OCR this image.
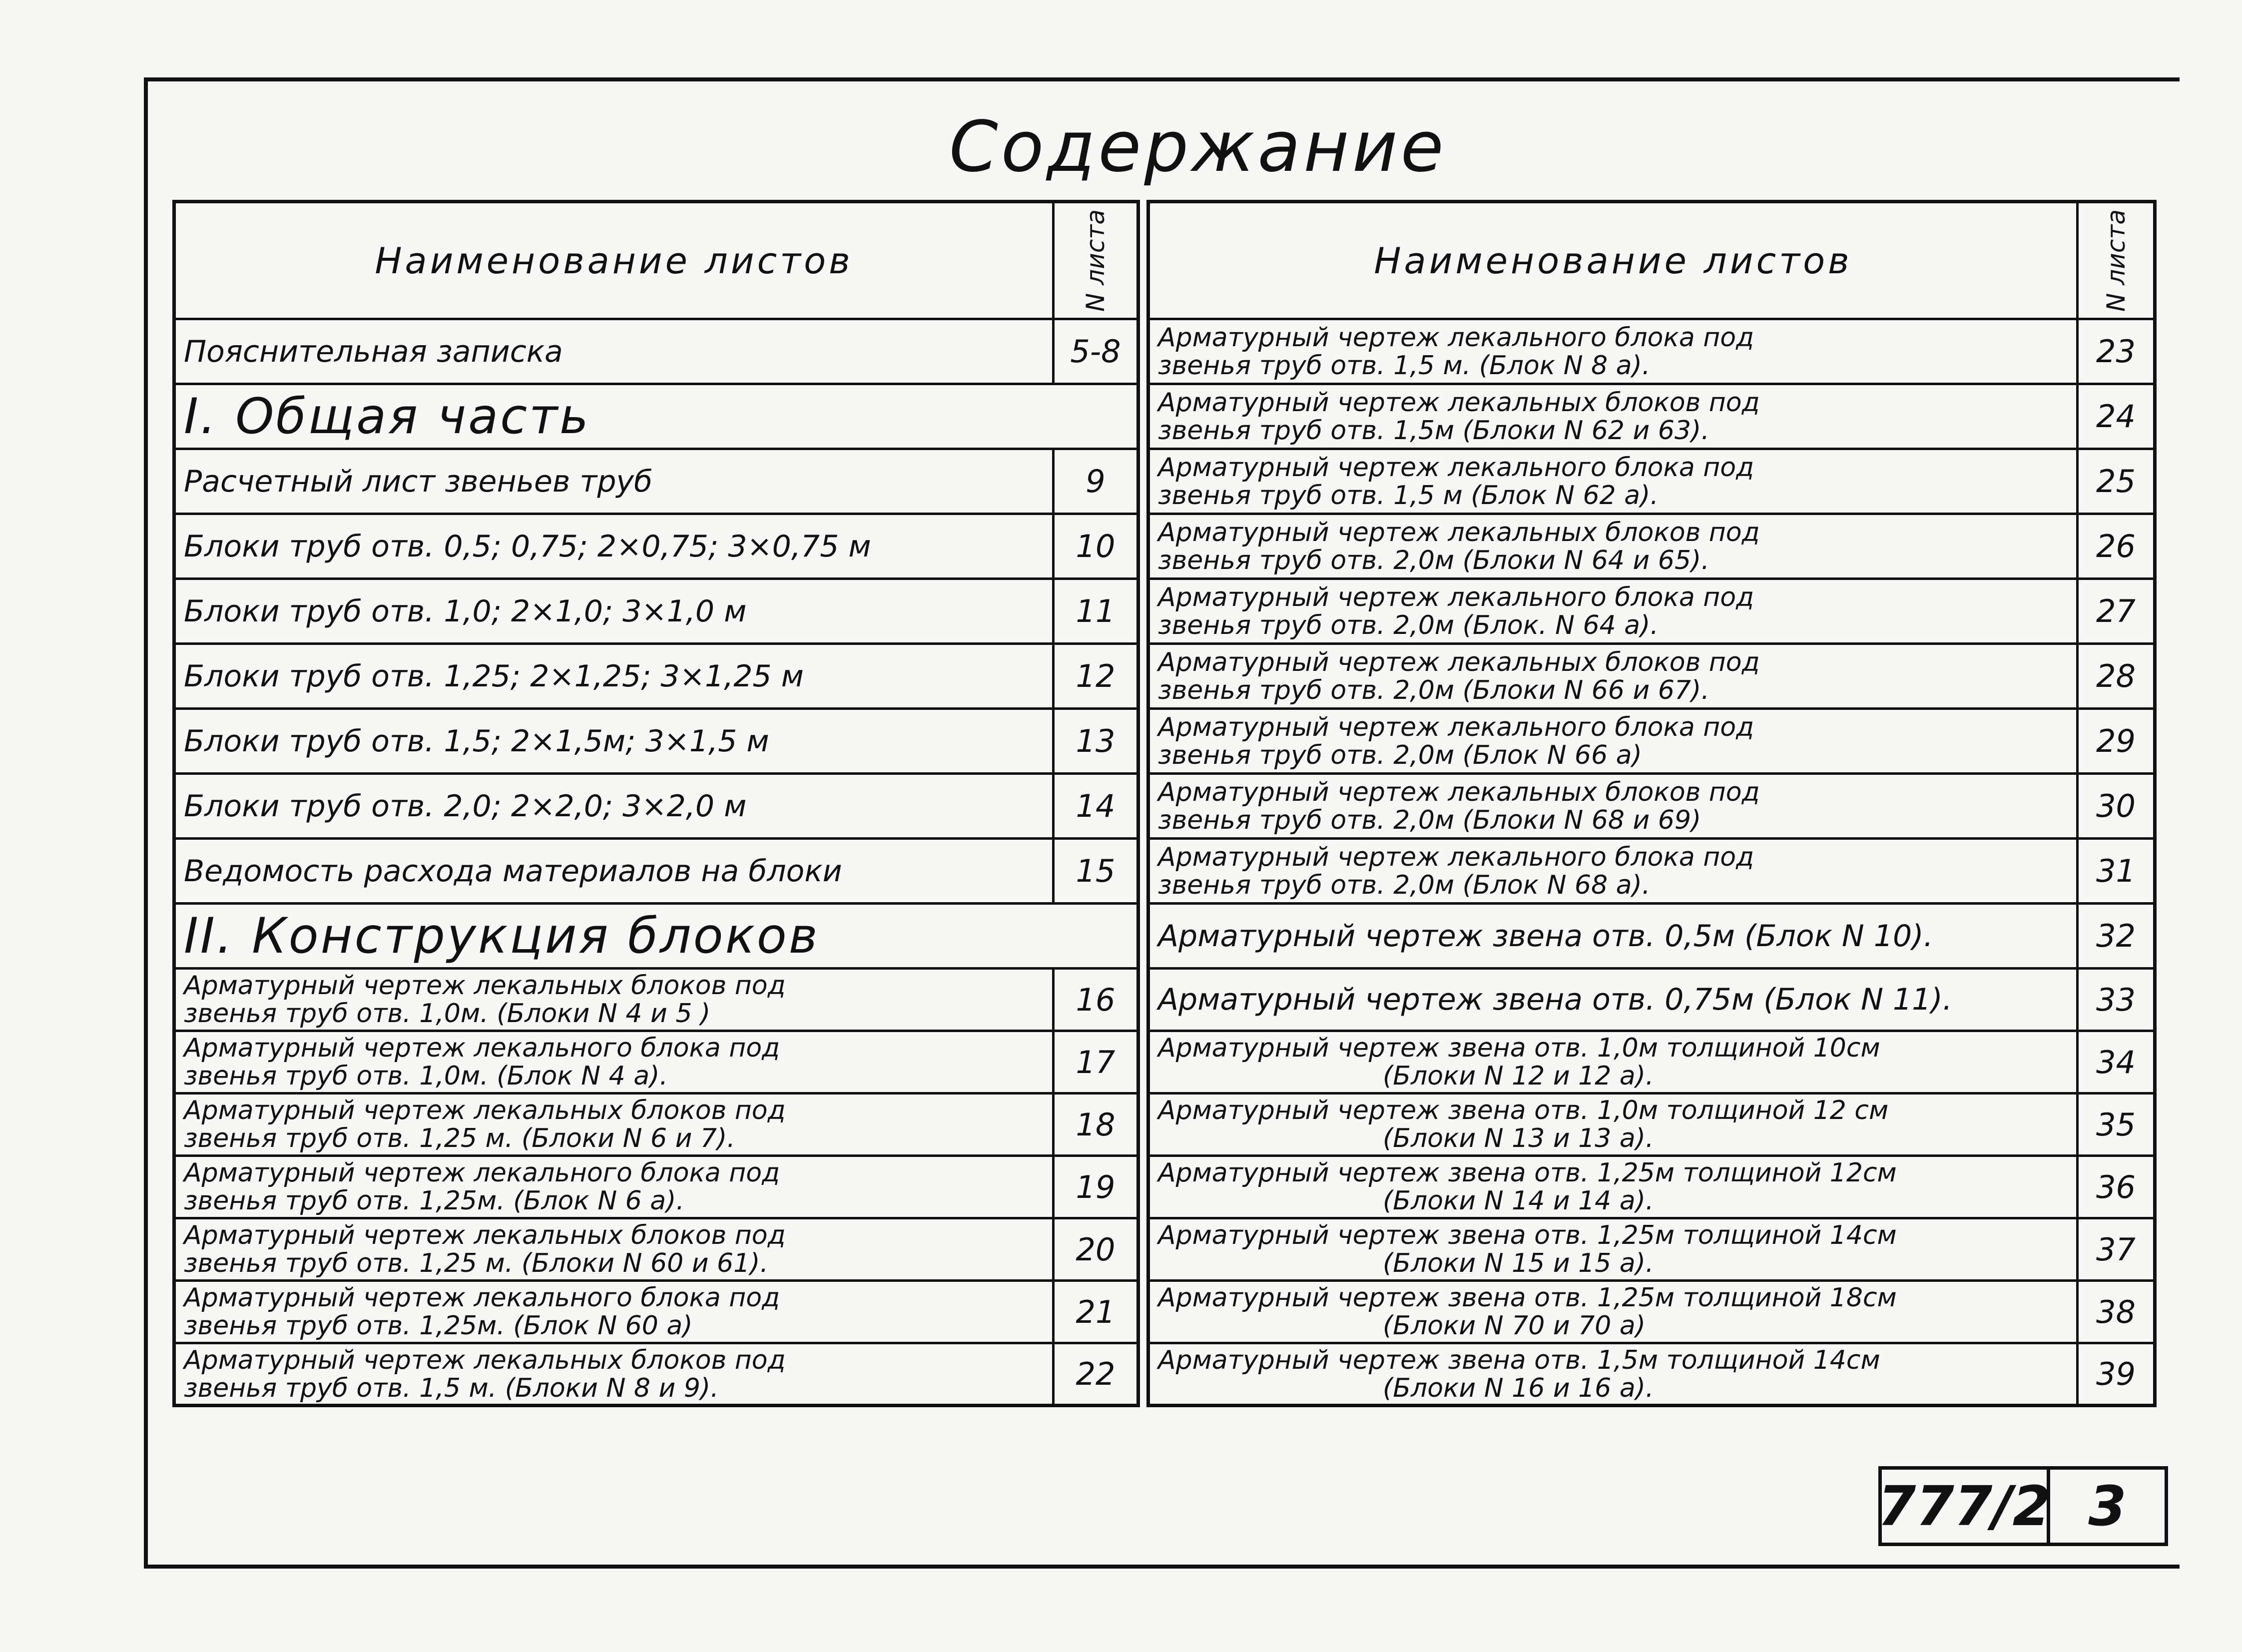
Содержание
Наименование листов	N листа

Пояснительная записка	5-8
I. Общая часть	
Расчетный лист звеньев труб	9
Блоки труб отв. 0,5; 0,75; 2×0,75; 3×0,75 м	10
Блоки труб отв. 1,0; 2×1,0; 3×1,0 м	11
Блоки труб отв. 1,25; 2×1,25; 3×1,25 м	12
Блоки труб отв. 1,5; 2×1,5м; 3×1,5 м	13
Блоки труб отв. 2,0; 2×2,0; 3×2,0 м	14
Ведомость расхода материалов на блоки	15
II. Конструкция блоков	

Арматурный чертеж лекальных блоков под
звенья труб отв. 1,0м. (Блоки N 4 и 5 )	16

Арматурный чертеж лекального блока под
звенья труб отв. 1,0м. (Блок N 4 а).	17

Арматурный чертеж лекальных блоков под
звенья труб отв. 1,25 м. (Блоки N 6 и 7).	18

Арматурный чертеж лекального блока под
звенья труб отв. 1,25м. (Блок N 6 а).	19

Арматурный чертеж лекальных блоков под
звенья труб отв. 1,25 м. (Блоки N 60 и 61).	20

Арматурный чертеж лекального блока под
звенья труб отв. 1,25м. (Блок N 60 а)	21

Арматурный чертеж лекальных блоков под
звенья труб отв. 1,5 м. (Блоки N 8 и 9).	22
Наименование листов	N листа

Арматурный чертеж лекального блока под
звенья труб отв. 1,5 м. (Блок N 8 а).	23

Арматурный чертеж лекальных блоков под
звенья труб отв. 1,5м (Блоки N 62 и 63).	24

Арматурный чертеж лекального блока под
звенья труб отв. 1,5 м (Блок N 62 а).	25

Арматурный чертеж лекальных блоков под
звенья труб отв. 2,0м (Блоки N 64 и 65).	26

Арматурный чертеж лекального блока под
звенья труб отв. 2,0м (Блок. N 64 а).	27

Арматурный чертеж лекальных блоков под
звенья труб отв. 2,0м (Блоки N 66 и 67).	28

Арматурный чертеж лекального блока под
звенья труб отв. 2,0м (Блок N 66 а)	29

Арматурный чертеж лекальных блоков под
звенья труб отв. 2,0м (Блоки N 68 и 69)	30

Арматурный чертеж лекального блока под
звенья труб отв. 2,0м (Блок N 68 а).	31
Арматурный чертеж звена отв. 0,5м (Блок N 10).	32
Арматурный чертеж звена отв. 0,75м (Блок N 11).	33

Арматурный чертеж звена отв. 1,0м толщиной 10см
(Блоки N 12 и 12 а).	34

Арматурный чертеж звена отв. 1,0м толщиной 12 см
(Блоки N 13 и 13 а).	35

Арматурный чертеж звена отв. 1,25м толщиной 12см
(Блоки N 14 и 14 а).	36

Арматурный чертеж звена отв. 1,25м толщиной 14см
(Блоки N 15 и 15 а).	37

Арматурный чертеж звена отв. 1,25м толщиной 18см
(Блоки N 70 и 70 а)	38

Арматурный чертеж звена отв. 1,5м толщиной 14см
(Блоки N 16 и 16 а).	39
777/2 3
